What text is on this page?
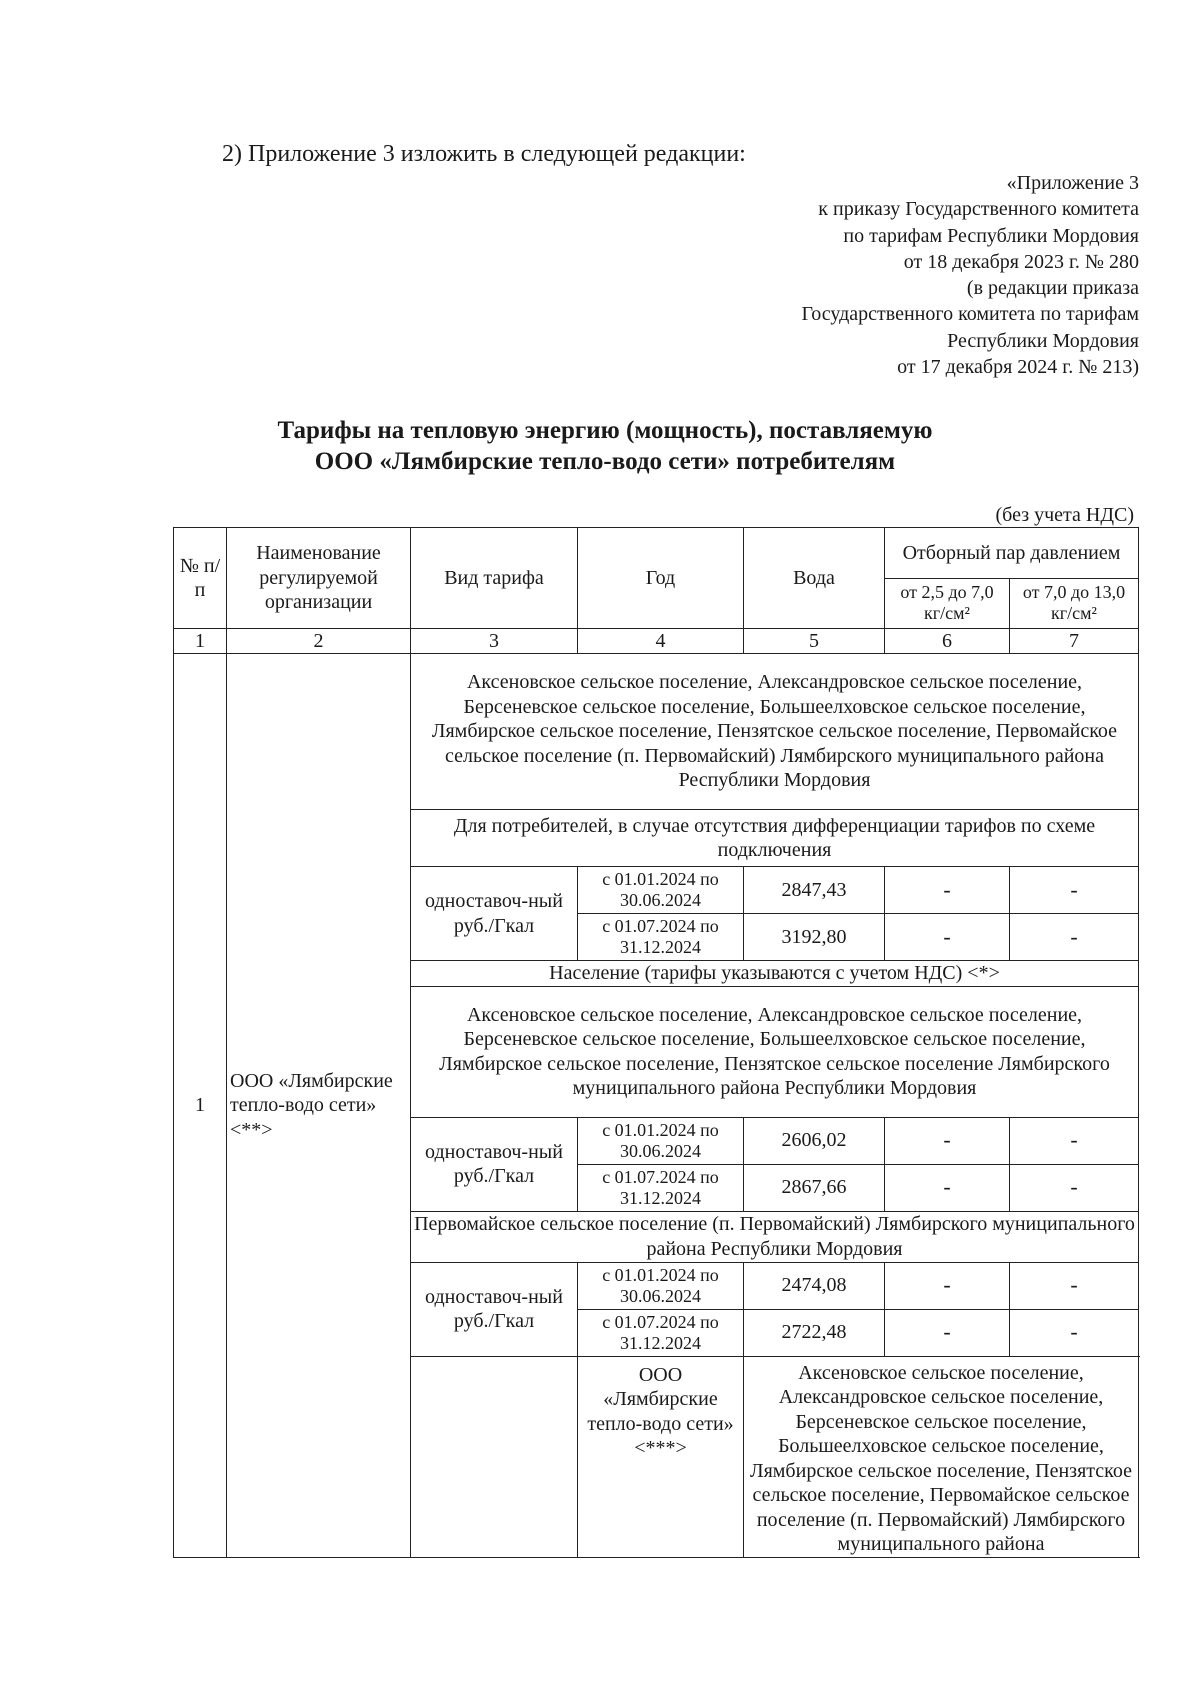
2) Приложение 3 изложить в следующей редакции:
«Приложение 3
к приказу Государственного комитета
по тарифам Республики Мордовия
от 18 декабря 2023 г. № 280
(в редакции приказа
Государственного комитета по тарифам
Республики Мордовия
от 17 декабря 2024 г. № 213)
Тарифы на тепловую энергию (мощность), поставляемую
ООО «Лямбирские тепло-водо сети» потребителям
(без учета НДС)
№ п/п	Наименование регулируемой организации	Вид тарифа	Год	Вода	Отборный пар давлением	
					от 2,5 до 7,0 кг/см²	от 7,0 до 13,0 кг/см²
1	2	3	4	5	6	7
1	ООО «Лямбирские тепло-водо сети» <**>	Аксеновское сельское поселение, Александровское сельское поселение, Берсеневское сельское поселение, Большеелховское сельское поселение, Лямбирское сельское поселение, Пензятское сельское поселение, Первомайское сельское поселение (п. Первомайский) Лямбирского муниципального района Республики Мордовия				
		Для потребителей, в случае отсутствия дифференциации тарифов по схеме подключения				
		одноставоч-ный руб./Гкал	с 01.01.2024 по 30.06.2024	2847,43	-	-
			с 01.07.2024 по 31.12.2024	3192,80	-	-
		Население (тарифы указываются с учетом НДС) <*>				
		Аксеновское сельское поселение, Александровское сельское поселение, Берсеневское сельское поселение, Большеелховское сельское поселение, Лямбирское сельское поселение, Пензятское сельское поселение Лямбирского муниципального района Республики Мордовия				
		одноставоч-ный руб./Гкал	с 01.01.2024 по 30.06.2024	2606,02	-	-
			с 01.07.2024 по 31.12.2024	2867,66	-	-
		Первомайское сельское поселение (п. Первомайский) Лямбирского муниципального района Республики Мордовия				
		одноставоч-ный руб./Гкал	с 01.01.2024 по 30.06.2024	2474,08	-	-
			с 01.07.2024 по 31.12.2024	2722,48	-	-
			ООО «Лямбирские тепло-водо сети» <***>	Аксеновское сельское поселение, Александровское сельское поселение, Берсеневское сельское поселение, Большеелховское сельское поселение, Лямбирское сельское поселение, Пензятское сельское поселение, Первомайское сельское поселение (п. Первомайский) Лямбирского муниципального района		
